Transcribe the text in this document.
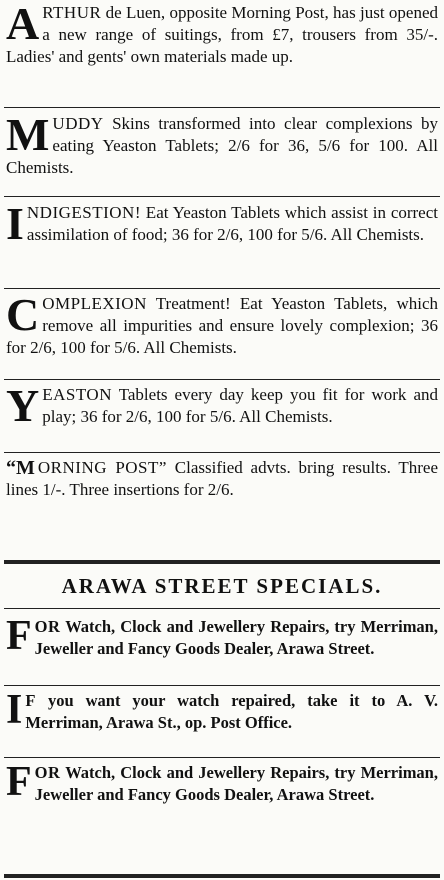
ARTHUR de Luen, opposite Morning Post, has just opened a new range of suitings, from £7, trousers from 35/-. Ladies' and gents' own materials made up.

MUDDY Skins transformed into clear complexions by eating Yeaston Tablets; 2/6 for 36, 5/6 for 100. All Chemists.

INDIGESTION! Eat Yeaston Tablets which assist in correct assimilation of food; 36 for 2/6, 100 for 5/6. All Chemists.

COMPLEXION Treatment! Eat Yeaston Tablets, which remove all impurities and ensure lovely complexion; 36 for 2/6, 100 for 5/6. All Chemists.

YEASTON Tablets every day keep you fit for work and play; 36 for 2/6, 100 for 5/6. All Chemists.

“M ORNING POST” Classified advts. bring results. Three lines 1/-. Three insertions for 2/6.

ARAWA STREET SPECIALS.

FOR Watch, Clock and Jewellery Repairs, try Merriman, Jeweller and Fancy Goods Dealer, Arawa Street.

I F you want your watch repaired, take it to A. V. Merriman, Arawa St., op. Post Office.

FOR Watch, Clock and Jewellery Repairs, try Merriman, Jeweller and Fancy Goods Dealer, Arawa Street.
